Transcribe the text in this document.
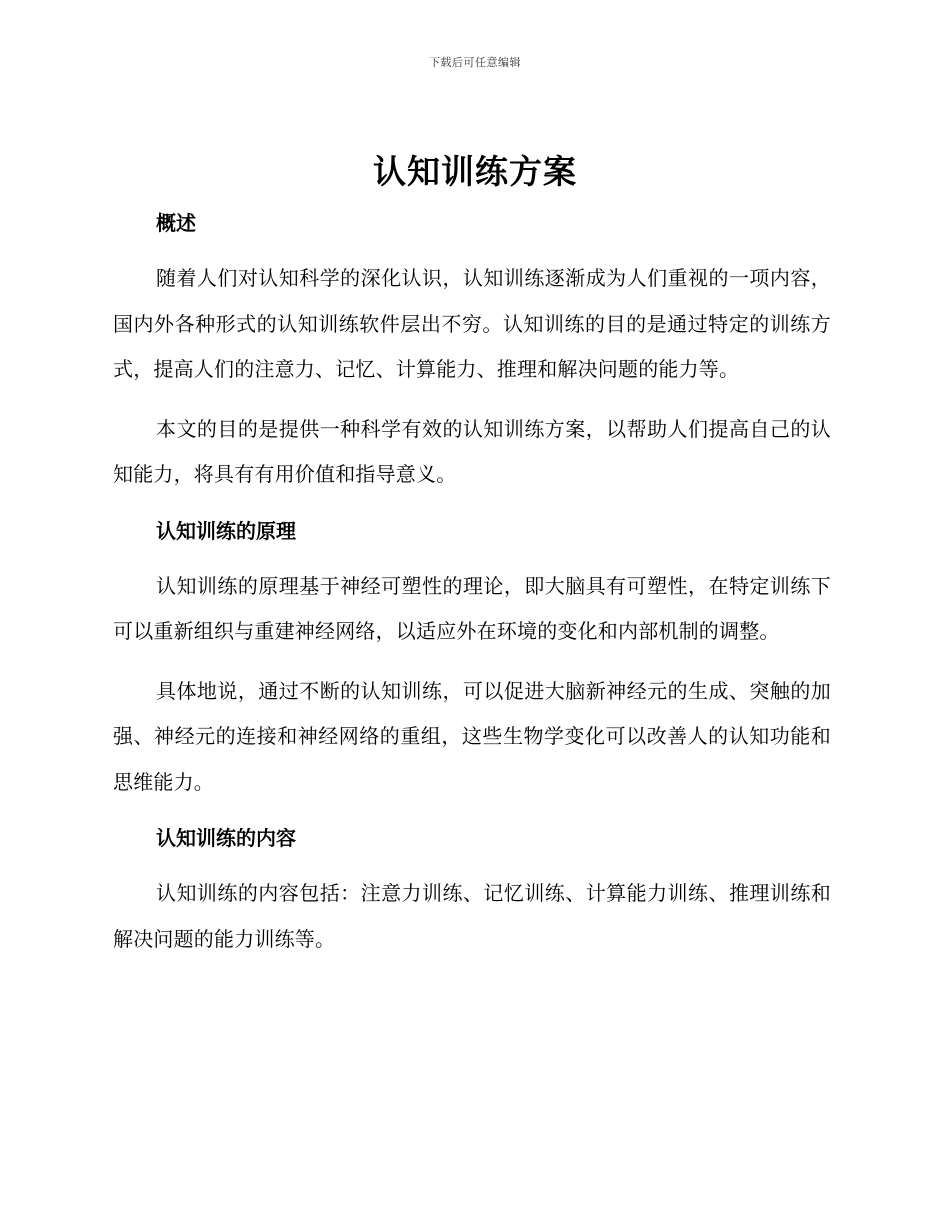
下载后可任意编辑
认知训练方案
概述

随着人们对认知科学的深化认识，认知训练逐渐成为人们重视的一项内容，国内外各种形式的认知训练软件层出不穷。认知训练的目的是通过特定的训练方式，提高人们的注意力、记忆、计算能力、推理和解决问题的能力等。

本文的目的是提供一种科学有效的认知训练方案，以帮助人们提高自己的认知能力，将具有有用价值和指导意义。

认知训练的原理

认知训练的原理基于神经可塑性的理论，即大脑具有可塑性，在特定训练下可以重新组织与重建神经网络，以适应外在环境的变化和内部机制的调整。

具体地说，通过不断的认知训练，可以促进大脑新神经元的生成、突触的加强、神经元的连接和神经网络的重组，这些生物学变化可以改善人的认知功能和思维能力。

认知训练的内容

认知训练的内容包括：注意力训练、记忆训练、计算能力训练、推理训练和解决问题的能力训练等。
